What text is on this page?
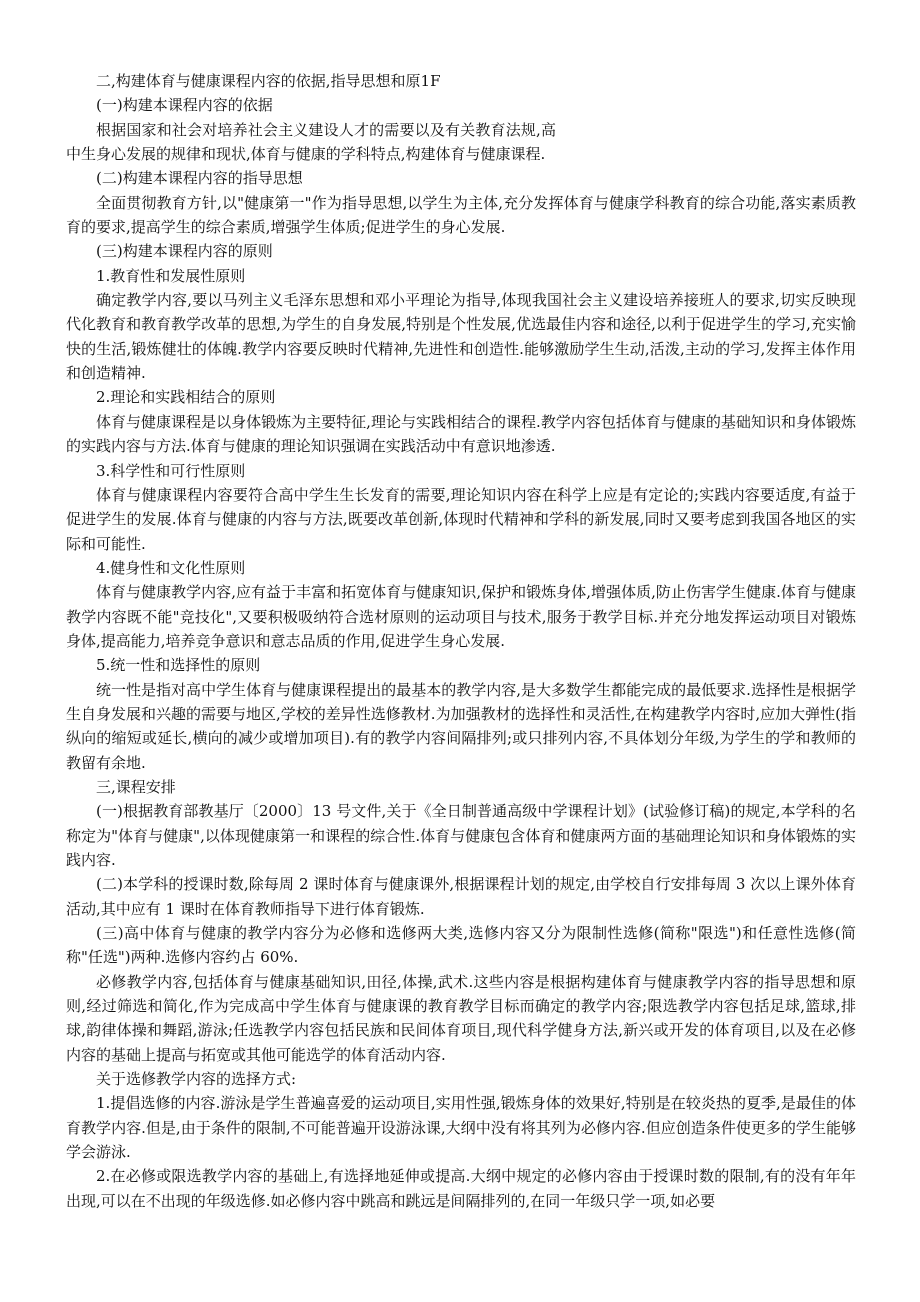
二,构建体育与健康课程内容的依据,指导思想和原1F

(一)构建本课程内容的依据

根据国家和社会对培养社会主义建设人才的需要以及有关教育法规,高中生身心发展的规律和现状,体育与健康的学科特点,构建体育与健康课程.

(二)构建本课程内容的指导思想

全面贯彻教育方针,以"健康第一"作为指导思想,以学生为主体,充分发挥体育与健康学科教育的综合功能,落实素质教育的要求,提高学生的综合素质,增强学生体质;促进学生的身心发展.

(三)构建本课程内容的原则

1.教育性和发展性原则

确定教学内容,要以马列主义毛泽东思想和邓小平理论为指导,体现我国社会主义建设培养接班人的要求,切实反映现代化教育和教育教学改革的思想,为学生的自身发展,特别是个性发展,优选最佳内容和途径,以利于促进学生的学习,充实愉快的生活,锻炼健壮的体魄.教学内容要反映时代精神,先进性和创造性.能够激励学生生动,活泼,主动的学习,发挥主体作用和创造精神.

2.理论和实践相结合的原则

体育与健康课程是以身体锻炼为主要特征,理论与实践相结合的课程.教学内容包括体育与健康的基础知识和身体锻炼的实践内容与方法.体育与健康的理论知识强调在实践活动中有意识地渗透.

3.科学性和可行性原则

体育与健康课程内容要符合高中学生生长发育的需要,理论知识内容在科学上应是有定论的;实践内容要适度,有益于促进学生的发展.体育与健康的内容与方法,既要改革创新,体现时代精神和学科的新发展,同时又要考虑到我国各地区的实际和可能性.

4.健身性和文化性原则

体育与健康教学内容,应有益于丰富和拓宽体育与健康知识,保护和锻炼身体,增强体质,防止伤害学生健康.体育与健康教学内容既不能"竞技化",又要积极吸纳符合选材原则的运动项目与技术,服务于教学目标.并充分地发挥运动项目对锻炼身体,提高能力,培养竞争意识和意志品质的作用,促进学生身心发展.

5.统一性和选择性的原则

统一性是指对高中学生体育与健康课程提出的最基本的教学内容,是大多数学生都能完成的最低要求.选择性是根据学生自身发展和兴趣的需要与地区,学校的差异性选修教材.为加强教材的选择性和灵活性,在构建教学内容时,应加大弹性(指纵向的缩短或延长,横向的减少或增加项目).有的教学内容间隔排列;或只排列内容,不具体划分年级,为学生的学和教师的教留有余地.

三,课程安排

(一)根据教育部教基厅〔2000〕13 号文件,关于《全日制普通高级中学课程计划》(试验修订稿)的规定,本学科的名称定为"体育与健康",以体现健康第一和课程的综合性.体育与健康包含体育和健康两方面的基础理论知识和身体锻炼的实践内容.

(二)本学科的授课时数,除每周 2 课时体育与健康课外,根据课程计划的规定,由学校自行安排每周 3 次以上课外体育活动,其中应有 1 课时在体育教师指导下进行体育锻炼.

(三)高中体育与健康的教学内容分为必修和选修两大类,选修内容又分为限制性选修(简称"限选")和任意性选修(简称"任选")两种.选修内容约占 60%.

必修教学内容,包括体育与健康基础知识,田径,体操,武术.这些内容是根据构建体育与健康教学内容的指导思想和原则,经过筛选和简化,作为完成高中学生体育与健康课的教育教学目标而确定的教学内容;限选教学内容包括足球,篮球,排球,韵律体操和舞蹈,游泳;任选教学内容包括民族和民间体育项目,现代科学健身方法,新兴或开发的体育项目,以及在必修内容的基础上提高与拓宽或其他可能选学的体育活动内容.

关于选修教学内容的选择方式:

1.提倡选修的内容.游泳是学生普遍喜爱的运动项目,实用性强,锻炼身体的效果好,特别是在较炎热的夏季,是最佳的体育教学内容.但是,由于条件的限制,不可能普遍开设游泳课,大纲中没有将其列为必修内容.但应创造条件使更多的学生能够学会游泳.

2.在必修或限选教学内容的基础上,有选择地延伸或提高.大纲中规定的必修内容由于授课时数的限制,有的没有年年出现,可以在不出现的年级选修.如必修内容中跳高和跳远是间隔排列的,在同一年级只学一项,如必要
